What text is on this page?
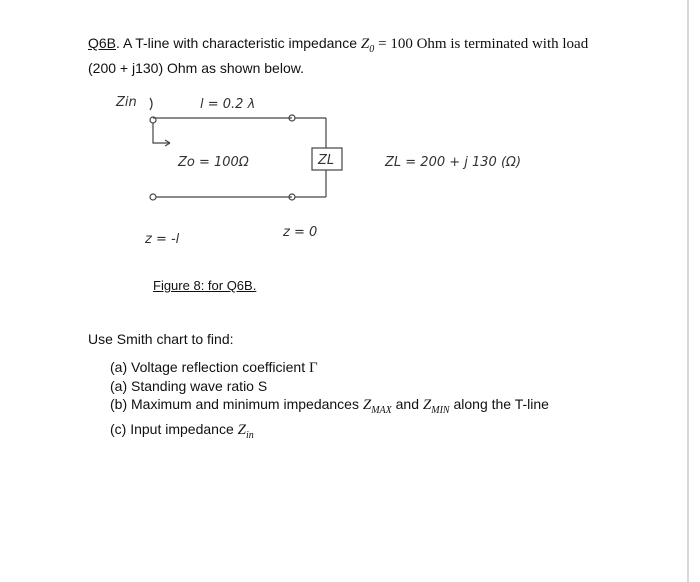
Q6B. A T-line with characteristic impedance $Z_0 = 100$ Ohm is terminated with load
(200 + j130) Ohm as shown below.
Zin	l = 0.2 λ
Zo = 100Ω	ZL	ZL = 200 + j 130 (Ω)
z = -l	z = 0
Figure 8: for Q6B.
Use Smith chart to find:
(a) Voltage reflection coefficient Γ
(a) Standing wave ratio S
(b) Maximum and minimum impedances $Z_{MAX}$ and $Z_{MIN}$ along the T-line
(c) Input impedance $Z_{in}$
